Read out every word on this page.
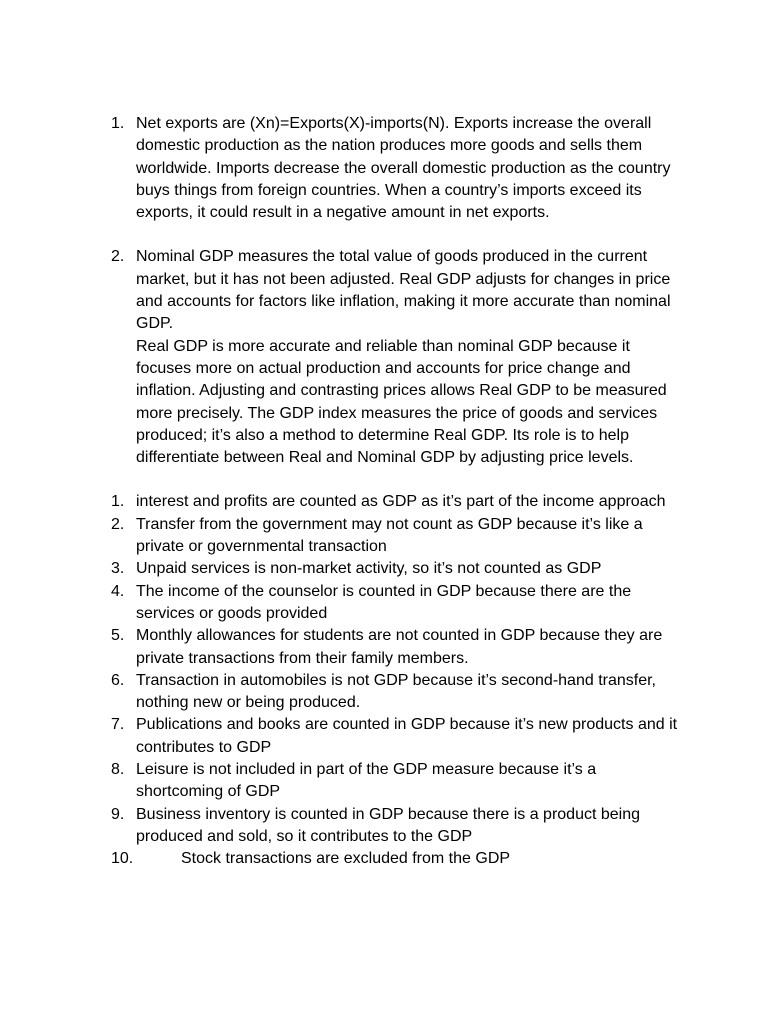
1. Net exports are (Xn)=Exports(X)-imports(N). Exports increase the overall domestic production as the nation produces more goods and sells them worldwide. Imports decrease the overall domestic production as the country buys things from foreign countries. When a country’s imports exceed its exports, it could result in a negative amount in net exports.
2. Nominal GDP measures the total value of goods produced in the current market, but it has not been adjusted. Real GDP adjusts for changes in price and accounts for factors like inflation, making it more accurate than nominal GDP.
Real GDP is more accurate and reliable than nominal GDP because it focuses more on actual production and accounts for price change and inflation. Adjusting and contrasting prices allows Real GDP to be measured more precisely. The GDP index measures the price of goods and services produced; it’s also a method to determine Real GDP. Its role is to help differentiate between Real and Nominal GDP by adjusting price levels.
1. interest and profits are counted as GDP as it’s part of the income approach
2. Transfer from the government may not count as GDP because it’s like a private or governmental transaction
3. Unpaid services is non-market activity, so it’s not counted as GDP
4. The income of the counselor is counted in GDP because there are the services or goods provided
5. Monthly allowances for students are not counted in GDP because they are private transactions from their family members.
6. Transaction in automobiles is not GDP because it’s second-hand transfer, nothing new or being produced.
7. Publications and books are counted in GDP because it’s new products and it contributes to GDP
8. Leisure is not included in part of the GDP measure because it’s a shortcoming of GDP
9. Business inventory is counted in GDP because there is a product being produced and sold, so it contributes to the GDP
10.	Stock transactions are excluded from the GDP
